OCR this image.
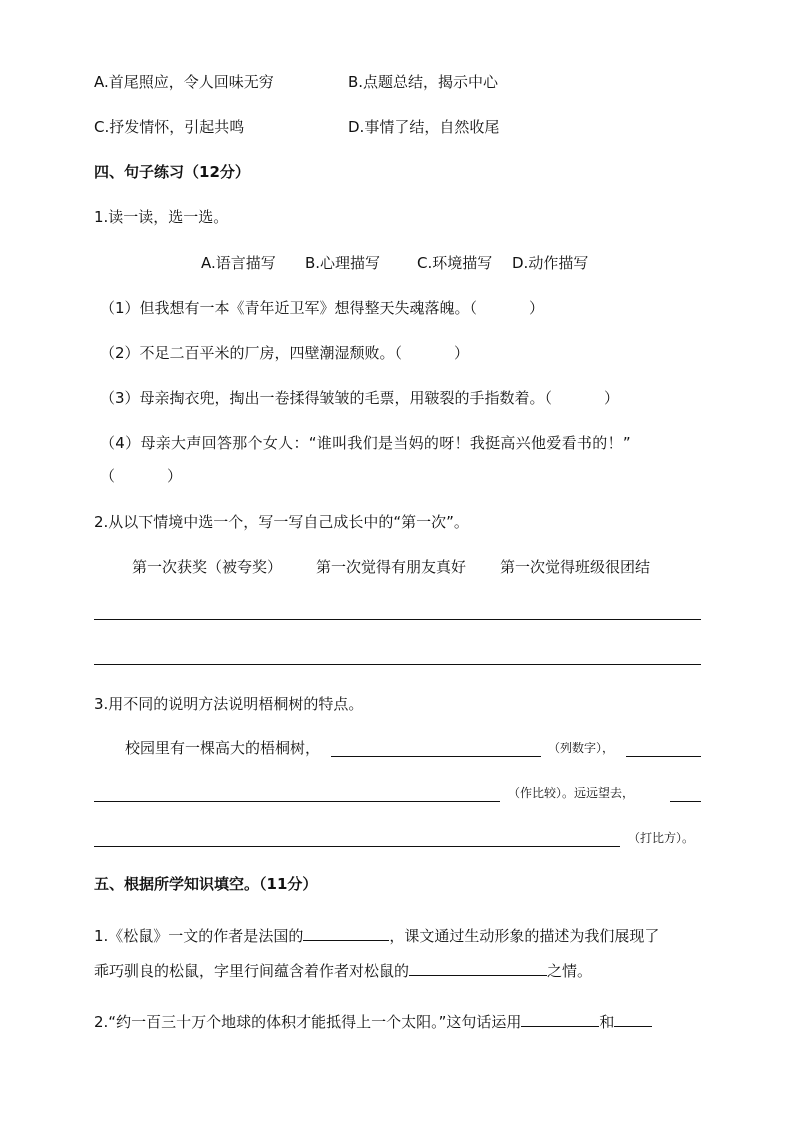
A.首尾照应，令人回味无穷	B.点题总结，揭示中心
C.抒发情怀，引起共鸣	D.事情了结，自然收尾
四、句子练习（12分）
1.读一读，选一选。
A.语言描写 B.心理描写 C.环境描写 D.动作描写
（1）但我想有一本《青年近卫军》想得整天失魂落魄。（	）
（2）不足二百平米的厂房，四壁潮湿颓败。（	）
（3）母亲掏衣兜，掏出一卷揉得皱皱的毛票，用皲裂的手指数着。（	）
（4）母亲大声回答那个女人：“谁叫我们是当妈的呀！我挺高兴他爱看书的！”
（	）
2.从以下情境中选一个，写一写自己成长中的“第一次”。
第一次获奖（被夸奖） 第一次觉得有朋友真好 第一次觉得班级很团结
3.用不同的说明方法说明梧桐树的特点。
校园里有一棵高大的梧桐树，	（列数字），
（作比较）。远远望去，
（打比方）。
五、根据所学知识填空。（11分）
1.《松鼠》一文的作者是法国的	，课文通过生动形象的描述为我们展现了
乖巧驯良的松鼠，字里行间蕴含着作者对松鼠的	之情。
2.“约一百三十万个地球的体积才能抵得上一个太阳。”这句话运用	和
